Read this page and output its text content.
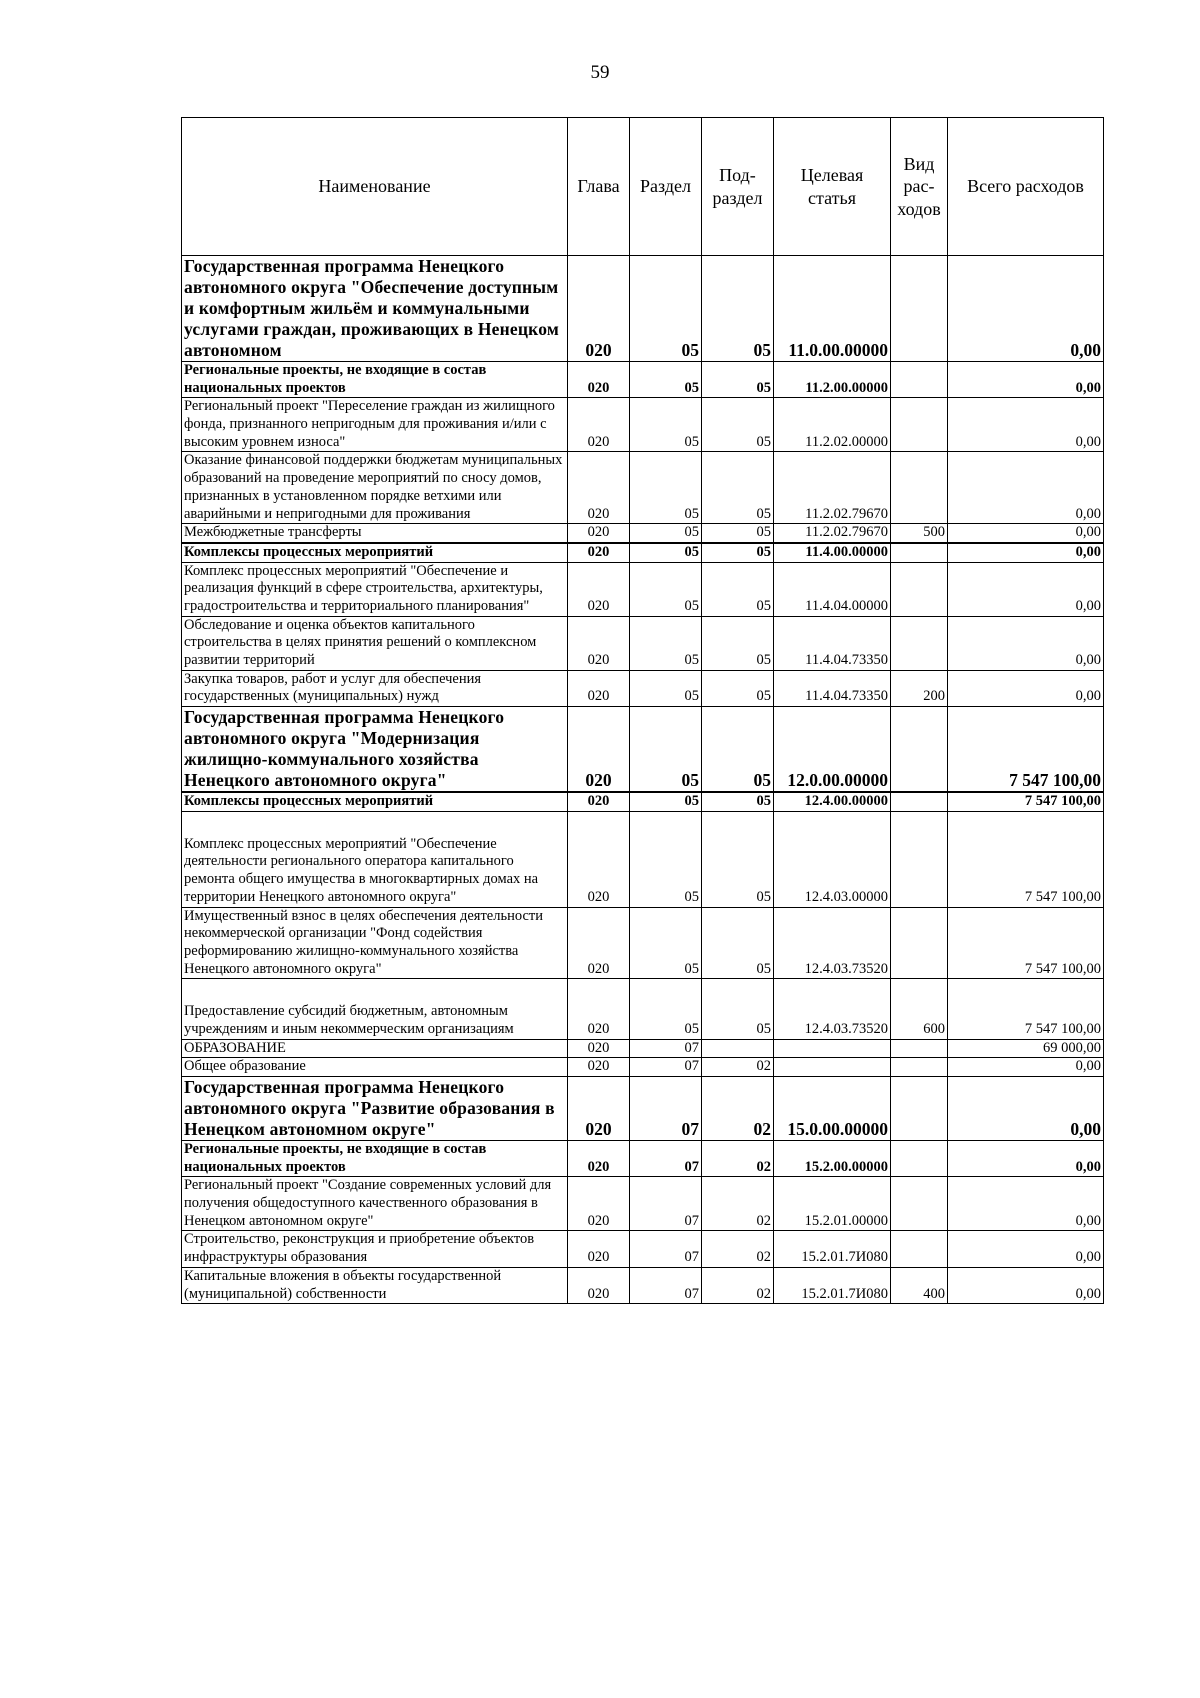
59
Наименование	Глава	Раздел	Под-раздел	Целевая статья	Вид рас-ходов	Всего расходов
Государственная программа Ненецкого автономного округа "Обеспечение доступным и комфортным жильём и коммунальными услугами граждан, проживающих в Ненецком автономном	020	05	05	11.0.00.00000		0,00
Региональные проекты, не входящие в состав национальных проектов	020	05	05	11.2.00.00000		0,00
Региональный проект "Переселение граждан из жилищного фонда, признанного непригодным для проживания и/или с высоким уровнем износа"	020	05	05	11.2.02.00000		0,00
Оказание финансовой поддержки бюджетам муниципальных образований на проведение мероприятий по сносу домов, признанных в установленном порядке ветхими или аварийными и непригодными для проживания	020	05	05	11.2.02.79670		0,00
Межбюджетные трансферты	020	05	05	11.2.02.79670	500	0,00
Комплексы процессных мероприятий	020	05	05	11.4.00.00000		0,00
Комплекс процессных мероприятий "Обеспечение и реализация функций в сфере строительства, архитектуры, градостроительства и территориального планирования"	020	05	05	11.4.04.00000		0,00
Обследование и оценка объектов капитального строительства в целях принятия решений о комплексном развитии территорий	020	05	05	11.4.04.73350		0,00
Закупка товаров, работ и услуг для обеспечения государственных (муниципальных) нужд	020	05	05	11.4.04.73350	200	0,00
Государственная программа Ненецкого автономного округа "Модернизация жилищно-коммунального хозяйства Ненецкого автономного округа"	020	05	05	12.0.00.00000		7 547 100,00
Комплексы процессных мероприятий	020	05	05	12.4.00.00000		7 547 100,00
Комплекс процессных мероприятий "Обеспечение деятельности регионального оператора капитального ремонта общего имущества в многоквартирных домах на территории Ненецкого автономного округа"	020	05	05	12.4.03.00000		7 547 100,00
Имущественный взнос в целях обеспечения деятельности некоммерческой организации "Фонд содействия реформированию жилищно-коммунального хозяйства Ненецкого автономного округа"	020	05	05	12.4.03.73520		7 547 100,00
Предоставление субсидий бюджетным, автономным учреждениям и иным некоммерческим организациям	020	05	05	12.4.03.73520	600	7 547 100,00
ОБРАЗОВАНИЕ	020	07				69 000,00
Общее образование	020	07	02			0,00
Государственная программа Ненецкого автономного округа "Развитие образования в Ненецком автономном округе"	020	07	02	15.0.00.00000		0,00
Региональные проекты, не входящие в состав национальных проектов	020	07	02	15.2.00.00000		0,00
Региональный проект "Создание современных условий для получения общедоступного качественного образования в Ненецком автономном округе"	020	07	02	15.2.01.00000		0,00
Строительство, реконструкция и приобретение объектов инфраструктуры образования	020	07	02	15.2.01.7И080		0,00
Капитальные вложения в объекты государственной (муниципальной) собственности	020	07	02	15.2.01.7И080	400	0,00
